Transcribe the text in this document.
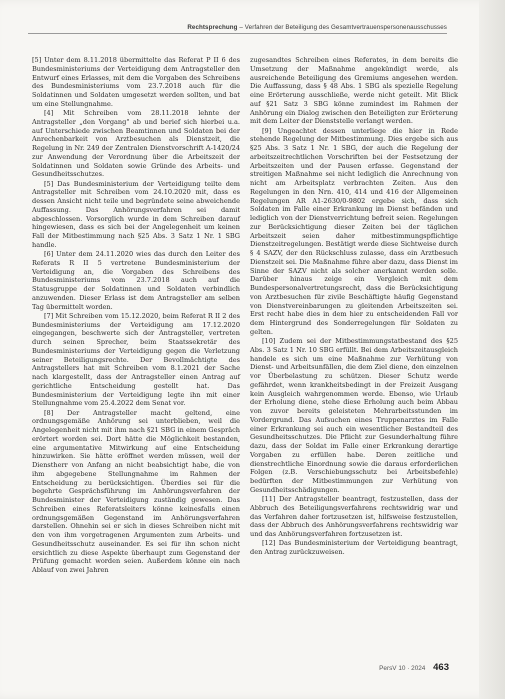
Rechtsprechung – Verfahren der Beteiligung des Gesamtvertrauenspersonenausschusses

[5] Unter dem 8.11.2018 übermittelte das Referat P II 6 des Bundesministeriums der Verteidigung dem Antragsteller den Entwurf eines Erlasses, mit dem die Vorgaben des Schreibens des Bundesministeriums vom 23.7.2018 auch für die Soldatinnen und Soldaten umgesetzt werden sollten, und bat um eine Stellungnahme.

[4] Mit Schreiben vom 28.11.2018 lehnte der Antragsteller „den Vorgang" ab und berief sich hierbei u.a. auf Unterschiede zwischen Beamtinnen und Soldaten bei der Anrechenbarkeit von Arztbesuchen als Dienstzeit, die Regelung in Nr. 249 der Zentralen Dienstvorschrift A-1420/24 zur Anwendung der Verordnung über die Arbeitszeit der Soldatinnen und Soldaten sowie Gründe des Arbeits- und Gesundheitsschutzes.

[5] Das Bundesministerium der Verteidigung teilte dem Antragsteller mit Schreiben vom 24.10.2020 mit, dass es dessen Ansicht nicht teile und begründete seine abweichende Auffassung. Das Anhörungsverfahren sei damit abgeschlossen. Vorsorglich wurde in dem Schreiben darauf hingewiesen, dass es sich bei der Angelegenheit um keinen Fall der Mitbestimmung nach §25 Abs. 3 Satz 1 Nr. 1 SBG handle.

[6] Unter dem 24.11.2020 wies das durch den Leiter des Referats R II 5 vertretene Bundesministerium der Verteidigung an, die Vorgaben des Schreibens des Bundesministeriums vom 23.7.2018 auch auf die Statusgruppe der Soldatinnen und Soldaten verbindlich anzuwenden. Dieser Erlass ist dem Antragsteller am selben Tag übermittelt worden.

[7] Mit Schreiben vom 15.12.2020, beim Referat R II 2 des Bundesministeriums der Verteidigung am 17.12.2020 eingegangen, beschwerte sich der Antragsteller, vertreten durch seinen Sprecher, beim Staatssekretär des Bundesministeriums der Verteidigung gegen die Verletzung seiner Beteiligungsrechte. Der Bevollmächtigte des Antragstellers hat mit Schreiben vom 8.1.2021 der Sache nach klargestellt, dass der Antragsteller einen Antrag auf gerichtliche Entscheidung gestellt hat. Das Bundesministerium der Verteidigung legte ihn mit einer Stellungnahme vom 25.4.2022 dem Senat vor.

[8] Der Antragsteller macht geltend, eine ordnungsgemäße Anhörung sei unterblieben, weil die Angelegenheit nicht mit ihm nach §21 SBG in einem Gespräch erörtert worden sei. Dort hätte die Möglichkeit bestanden, eine argumentative Mitwirkung auf eine Entscheidung hinzuwirken. Sie hätte eröffnet werden müssen, weil der Dienstherr von Anfang an nicht beabsichtigt habe, die von ihm abgegebene Stellungnahme im Rahmen der Entscheidung zu berücksichtigen. Überdies sei für die begehrte Gesprächsführung im Anhörungsverfahren der Bundesminister der Verteidigung zuständig gewesen. Das Schreiben eines Referatsleiters könne keinesfalls einen ordnungsgemäßen Gegenstand im Anhörungsverfahren darstellen. Ohnehin sei er sich in dieses Schreiben nicht mit den von ihm vorgetragenen Argumenten zum Arbeits- und Gesundheitsschutz auseinander. Es sei für ihn schon nicht ersichtlich zu diese Aspekte überhaupt zum Gegenstand der Prüfung gemacht worden seien. Außerdem könne ein nach Ablauf von zwei Jahren

zugesandtes Schreiben eines Referates, in dem bereits die Umsetzung der Maßnahme angekündigt werde, als ausreichende Beteiligung des Gremiums angesehen werden. Die Auffassung, dass § 48 Abs. 1 SBG als spezielle Regelung eine Erörterung ausschließe, werde nicht geteilt. Mit Blick auf §21 Satz 3 SBG könne zumindest im Rahmen der Anhörung ein Dialog zwischen den Beteiligten zur Erörterung mit dem Leiter der Dienststelle verlangt werden.

[9] Ungeachtet dessen unterliege die hier in Rede stehende Regelung der Mitbestimmung. Dies ergebe sich aus §25 Abs. 3 Satz 1 Nr. 1 SBG, der auch die Regelung der arbeitszeitrechtlichen Vorschriften bei der Festsetzung der Arbeitszeiten und der Pausen erfasse. Gegenstand der streitigen Maßnahme sei nicht lediglich die Anrechnung von nicht am Arbeitsplatz verbrachten Zeiten. Aus den Regelungen in den Nrn. 410, 414 und 416 der Allgemeinen Regelungen AR A1-2630/0-9802 ergebe sich, dass sich Soldaten im Falle einer Erkrankung im Dienst befänden und lediglich von der Dienstverrichtung befreit seien. Regelungen zur Berücksichtigung dieser Zeiten bei der täglichen Arbeitszeit seien daher mitbestimmungspflichtige Dienstzeitregelungen. Bestätigt werde diese Sichtweise durch § 4 SAZV, der den Rückschluss zulasse, dass ein Arztbesuch Dienstzeit sei. Die Maßnahme führe aber dazu, dass Dienst im Sinne der SAZV nicht als solcher anerkannt werden solle. Darüber hinaus zeige ein Vergleich mit dem Bundespersonalvertretungsrecht, dass die Berücksichtigung von Arztbesuchen für zivile Beschäftigte häufig Gegenstand von Dienstvereinbarungen zu gleitenden Arbeitszeiten sei. Erst recht habe dies in dem hier zu entscheidenden Fall vor dem Hintergrund des Sonderregelungen für Soldaten zu gelten.

[10] Zudem sei der Mitbestimmungstatbestand des §25 Abs. 3 Satz 1 Nr. 10 SBG erfüllt. Bei dem Arbeitszeitausgleich handele es sich um eine Maßnahme zur Verhütung von Dienst- und Arbeitsunfällen, die dem Ziel diene, den einzelnen vor Überbelastung zu schützen. Dieser Schutz werde gefährdet, wenn krankheitsbedingt in der Freizeit Ausgang kein Ausgleich wahrgenommen werde. Ebenso, wie Urlaub der Erholung diene, stehe diese Erholung auch beim Abbau von zuvor bereits geleisteten Mehrarbeitsstunden im Vordergrund. Das Aufsuchen eines Truppenarztes im Falle einer Erkrankung sei auch ein wesentlicher Bestandteil des Gesundheitsschutzes. Die Pflicht zur Gesunderhaltung führe dazu, dass der Soldat im Falle einer Erkrankung derartige Vorgaben zu erfüllen habe. Deren zeitliche und dienstrechtliche Einordnung sowie die daraus erforderlichen Folgen (z.B. Verschiebungsschutz bei Arbeitsbefehle) bedürften der Mitbestimmungen zur Verhütung von Gesundheitsschädigungen.

[11] Der Antragsteller beantragt, festzustellen, dass der Abbruch des Beteiligungsverfahrens rechtswidrig war und das Verfahren daher fortzusetzen ist, hilfsweise festzustellen, dass der Abbruch des Anhörungsverfahrens rechtswidrig war und das Anhörungsverfahren fortzusetzen ist.

[12] Das Bundesministerium der Verteidigung beantragt, den Antrag zurückzuweisen.

PersV 10 · 2024 463
